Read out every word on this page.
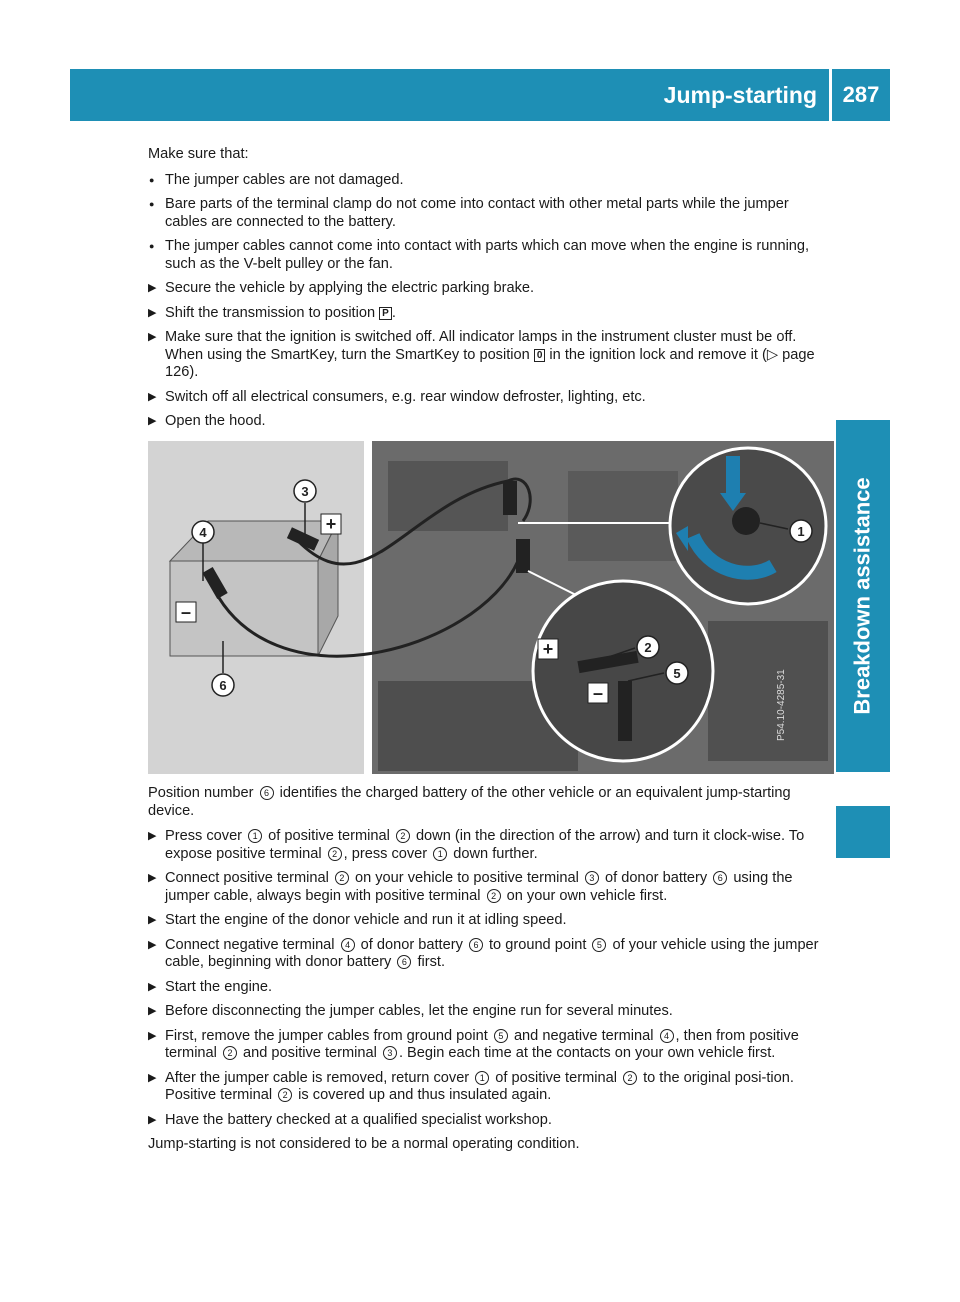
Jump-starting	287
Breakdown assistance

Make sure that:

● The jumper cables are not damaged.

● Bare parts of the terminal clamp do not come into contact with other metal parts while the jumper cables are connected to the battery.

● The jumper cables cannot come into contact with parts which can move when the engine is running, such as the V-belt pulley or the fan.

▶ Secure the vehicle by applying the electric parking brake.

▶ Shift the transmission to position P .

▶ Make sure that the ignition is switched off. All indicator lamps in the instrument cluster must be off. When using the SmartKey, turn the SmartKey to position 0 in the ignition lock and remove it (▷ page 126).

▶ Switch off all electrical consumers, e.g. rear window defroster, lighting, etc.

▶ Open the hood.

+
–
+
–
1
2
3
4
5
6	P54.10-4285-31

Position number 6 identifies the charged battery of the other vehicle or an equivalent jump-starting device.

▶ Press cover 1 of positive terminal 2 down (in the direction of the arrow) and turn it clock-wise. To expose positive terminal 2 , press cover 1 down further.

▶ Connect positive terminal 2 on your vehicle to positive terminal 3 of donor battery 6 using the jumper cable, always begin with positive terminal 2 on your own vehicle first.

▶ Start the engine of the donor vehicle and run it at idling speed.

▶ Connect negative terminal 4 of donor battery 6 to ground point 5 of your vehicle using the jumper cable, beginning with donor battery 6 first.

▶ Start the engine.

▶ Before disconnecting the jumper cables, let the engine run for several minutes.

▶ First, remove the jumper cables from ground point 5 and negative terminal 4 , then from positive terminal 2 and positive terminal 3 . Begin each time at the contacts on your own vehicle first.

▶ After the jumper cable is removed, return cover 1 of positive terminal 2 to the original posi-tion. Positive terminal 2 is covered up and thus insulated again.

▶ Have the battery checked at a qualified specialist workshop.

Jump-starting is not considered to be a normal operating condition.
